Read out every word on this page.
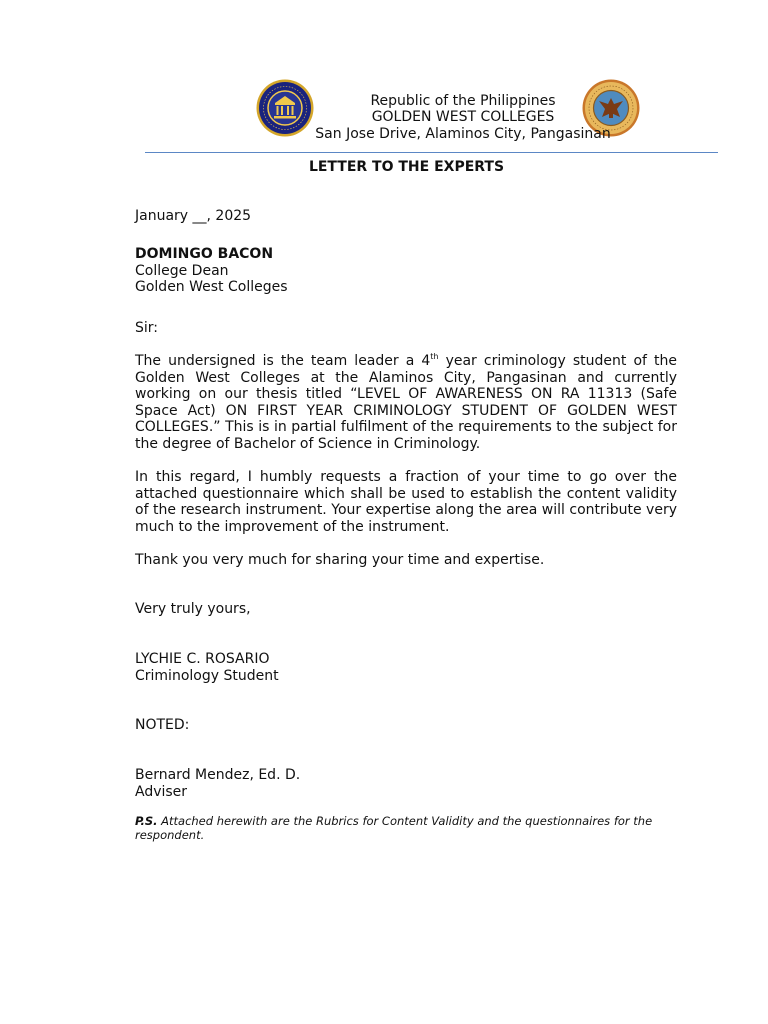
Republic of the Philippines
GOLDEN WEST COLLEGES
San Jose Drive, Alaminos City, Pangasinan
LETTER TO THE EXPERTS
January __, 2025
DOMINGO BACON
College Dean
Golden West Colleges
Sir:
The undersigned is the team leader a 4th year criminology student of the Golden West Colleges at the Alaminos City, Pangasinan and currently working on our thesis titled “LEVEL OF AWARENESS ON RA 11313 (Safe Space Act) ON FIRST YEAR CRIMINOLOGY STUDENT OF GOLDEN WEST COLLEGES.” This is in partial fulfilment of the requirements to the subject for the degree of Bachelor of Science in Criminology.
In this regard, I humbly requests a fraction of your time to go over the attached questionnaire which shall be used to establish the content validity of the research instrument. Your expertise along the area will contribute very much to the improvement of the instrument.
Thank you very much for sharing your time and expertise.
Very truly yours,
LYCHIE C. ROSARIO
Criminology Student
NOTED:
Bernard Mendez, Ed. D.
Adviser
P.S. Attached herewith are the Rubrics for Content Validity and the questionnaires for the respondent.
